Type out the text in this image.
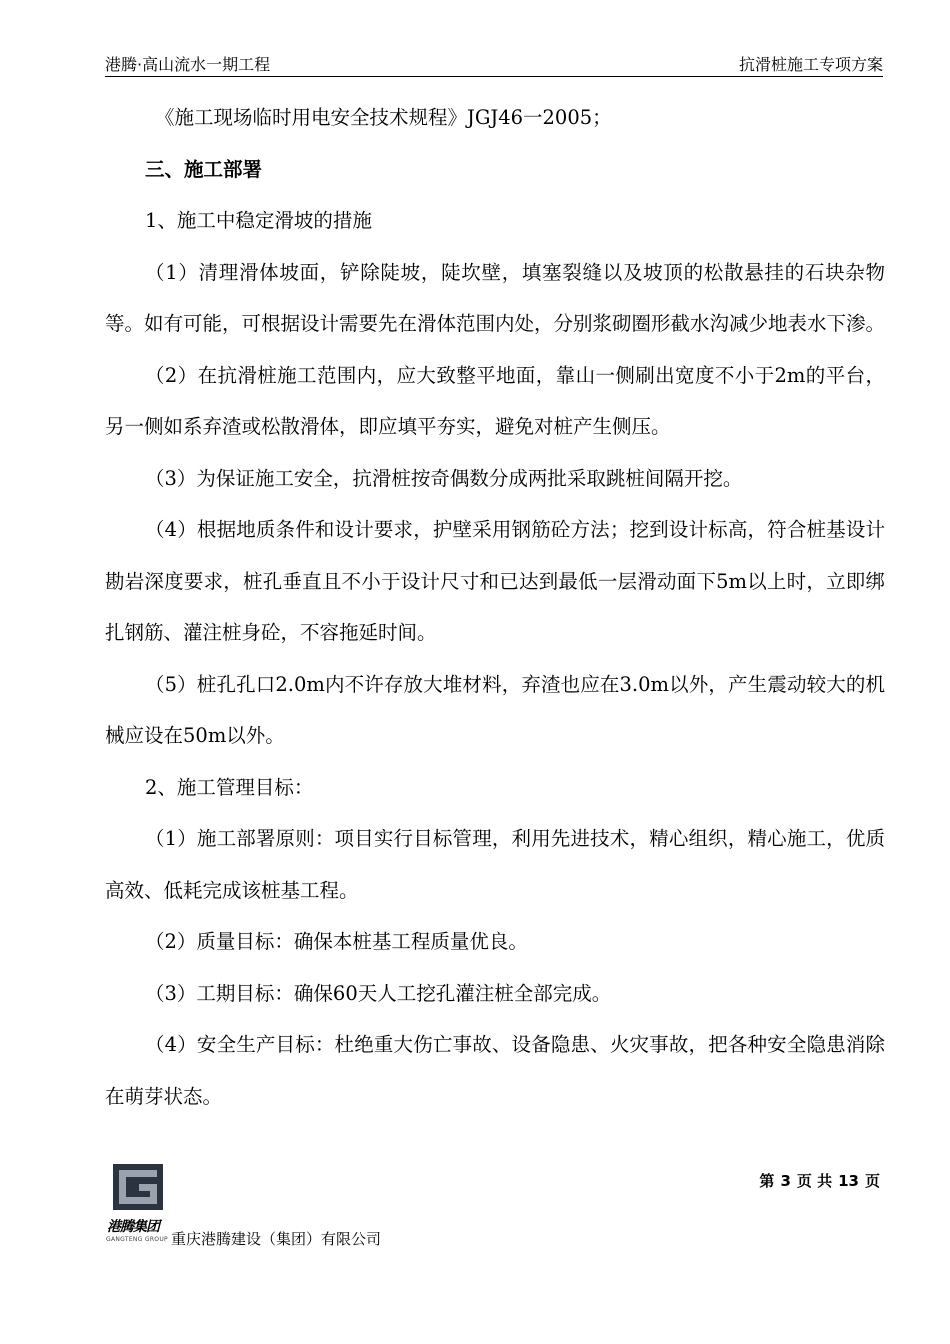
港腾·高山流水一期工程	抗滑桩施工专项方案

《施工现场临时用电安全技术规程》JGJ46一2005；

三、施工部署

1、施工中稳定滑坡的措施

（1）清理滑体坡面，铲除陡坡，陡坎壁，填塞裂缝以及坡顶的松散悬挂的石块杂物等。如有可能，可根据设计需要先在滑体范围内处，分别浆砌圈形截水沟减少地表水下渗。

（2）在抗滑桩施工范围内，应大致整平地面，靠山一侧刷出宽度不小于2m的平台，另一侧如系弃渣或松散滑体，即应填平夯实，避免对桩产生侧压。

（3）为保证施工安全，抗滑桩按奇偶数分成两批采取跳桩间隔开挖。

（4）根据地质条件和设计要求，护壁采用钢筋砼方法；挖到设计标高，符合桩基设计勘岩深度要求，桩孔垂直且不小于设计尺寸和已达到最低一层滑动面下5m以上时，立即绑扎钢筋、灌注桩身砼，不容拖延时间。

（5）桩孔孔口2.0m内不许存放大堆材料，弃渣也应在3.0m以外，产生震动较大的机械应设在50m以外。

2、施工管理目标：

（1）施工部署原则：项目实行目标管理，利用先进技术，精心组织，精心施工，优质高效、低耗完成该桩基工程。

（2）质量目标：确保本桩基工程质量优良。

（3）工期目标：确保60天人工挖孔灌注桩全部完成。

（4）安全生产目标：杜绝重大伤亡事故、设备隐患、火灾事故，把各种安全隐患消除在萌芽状态。

第 3 页 共 13 页
港腾集团
GANGTENG GROUP 重庆港腾建设（集团）有限公司
